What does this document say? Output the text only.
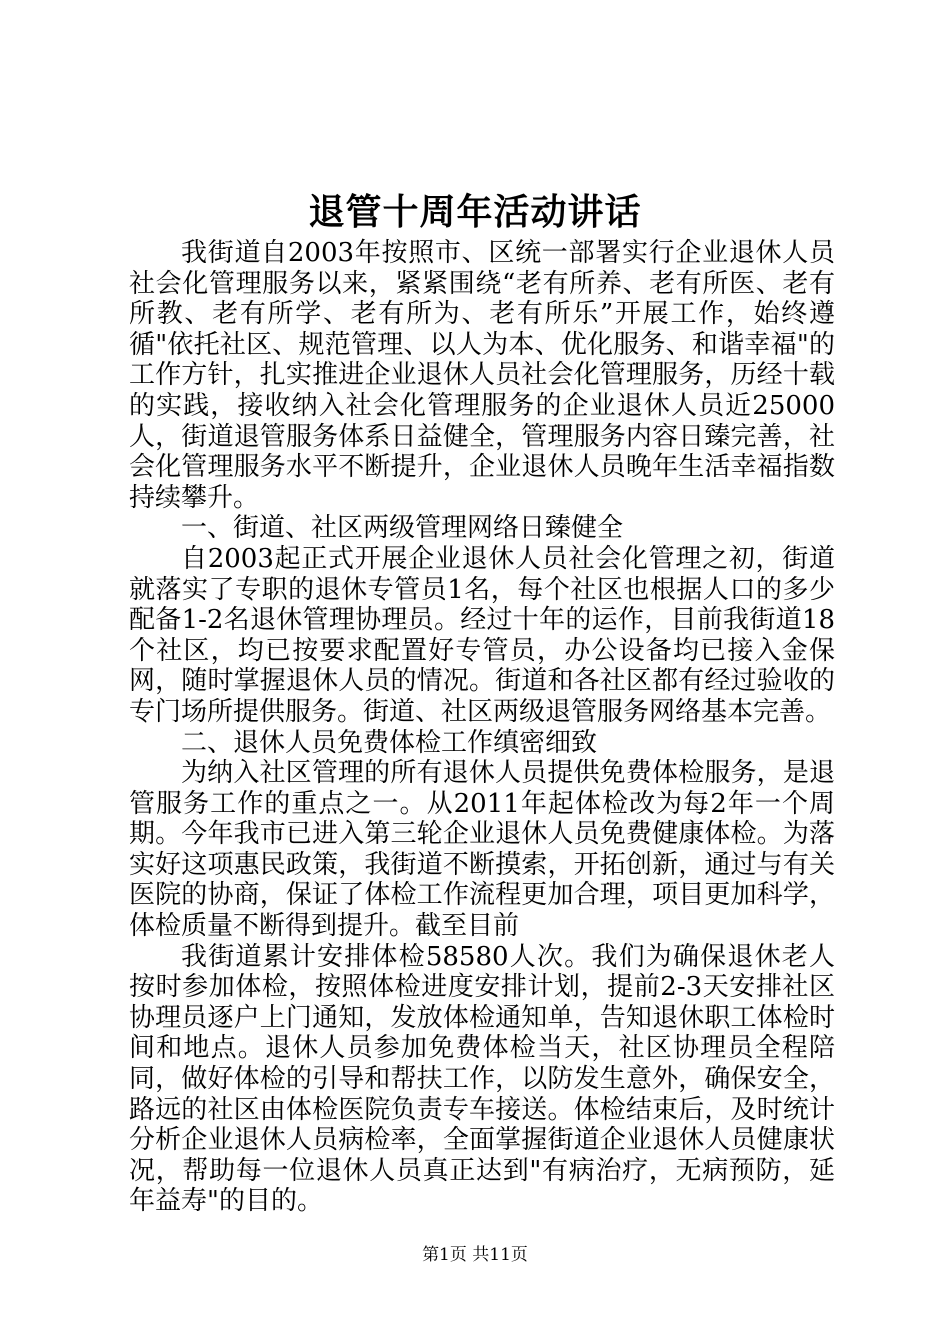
退管十周年活动讲话

我街道自2003年按照市、区统一部署实行企业退休人员社会化管理服务以来，紧紧围绕“老有所养、老有所医、老有所教、老有所学、老有所为、老有所乐”开展工作，始终遵循"依托社区、规范管理、以人为本、优化服务、和谐幸福"的工作方针，扎实推进企业退休人员社会化管理服务，历经十载的实践，接收纳入社会化管理服务的企业退休人员近25000人，街道退管服务体系日益健全，管理服务内容日臻完善，社会化管理服务水平不断提升，企业退休人员晚年生活幸福指数持续攀升。

一、街道、社区两级管理网络日臻健全

自2003起正式开展企业退休人员社会化管理之初，街道就落实了专职的退休专管员1名，每个社区也根据人口的多少配备1-2名退休管理协理员。经过十年的运作，目前我街道18个社区，均已按要求配置好专管员，办公设备均已接入金保网，随时掌握退休人员的情况。街道和各社区都有经过验收的专门场所提供服务。街道、社区两级退管服务网络基本完善。

二、退休人员免费体检工作缜密细致

为纳入社区管理的所有退休人员提供免费体检服务，是退管服务工作的重点之一。从2011年起体检改为每2年一个周期。今年我市已进入第三轮企业退休人员免费健康体检。为落实好这项惠民政策，我街道不断摸索，开拓创新，通过与有关医院的协商，保证了体检工作流程更加合理，项目更加科学，体检质量不断得到提升。截至目前

我街道累计安排体检58580人次。我们为确保退休老人按时参加体检，按照体检进度安排计划，提前2-3天安排社区协理员逐户上门通知，发放体检通知单，告知退休职工体检时间和地点。退休人员参加免费体检当天，社区协理员全程陪同，做好体检的引导和帮扶工作，以防发生意外，确保安全，路远的社区由体检医院负责专车接送。体检结束后，及时统计分析企业退休人员病检率，全面掌握街道企业退休人员健康状况，帮助每一位退休人员真正达到"有病治疗，无病预防，延年益寿"的目的。

第1页 共11页
